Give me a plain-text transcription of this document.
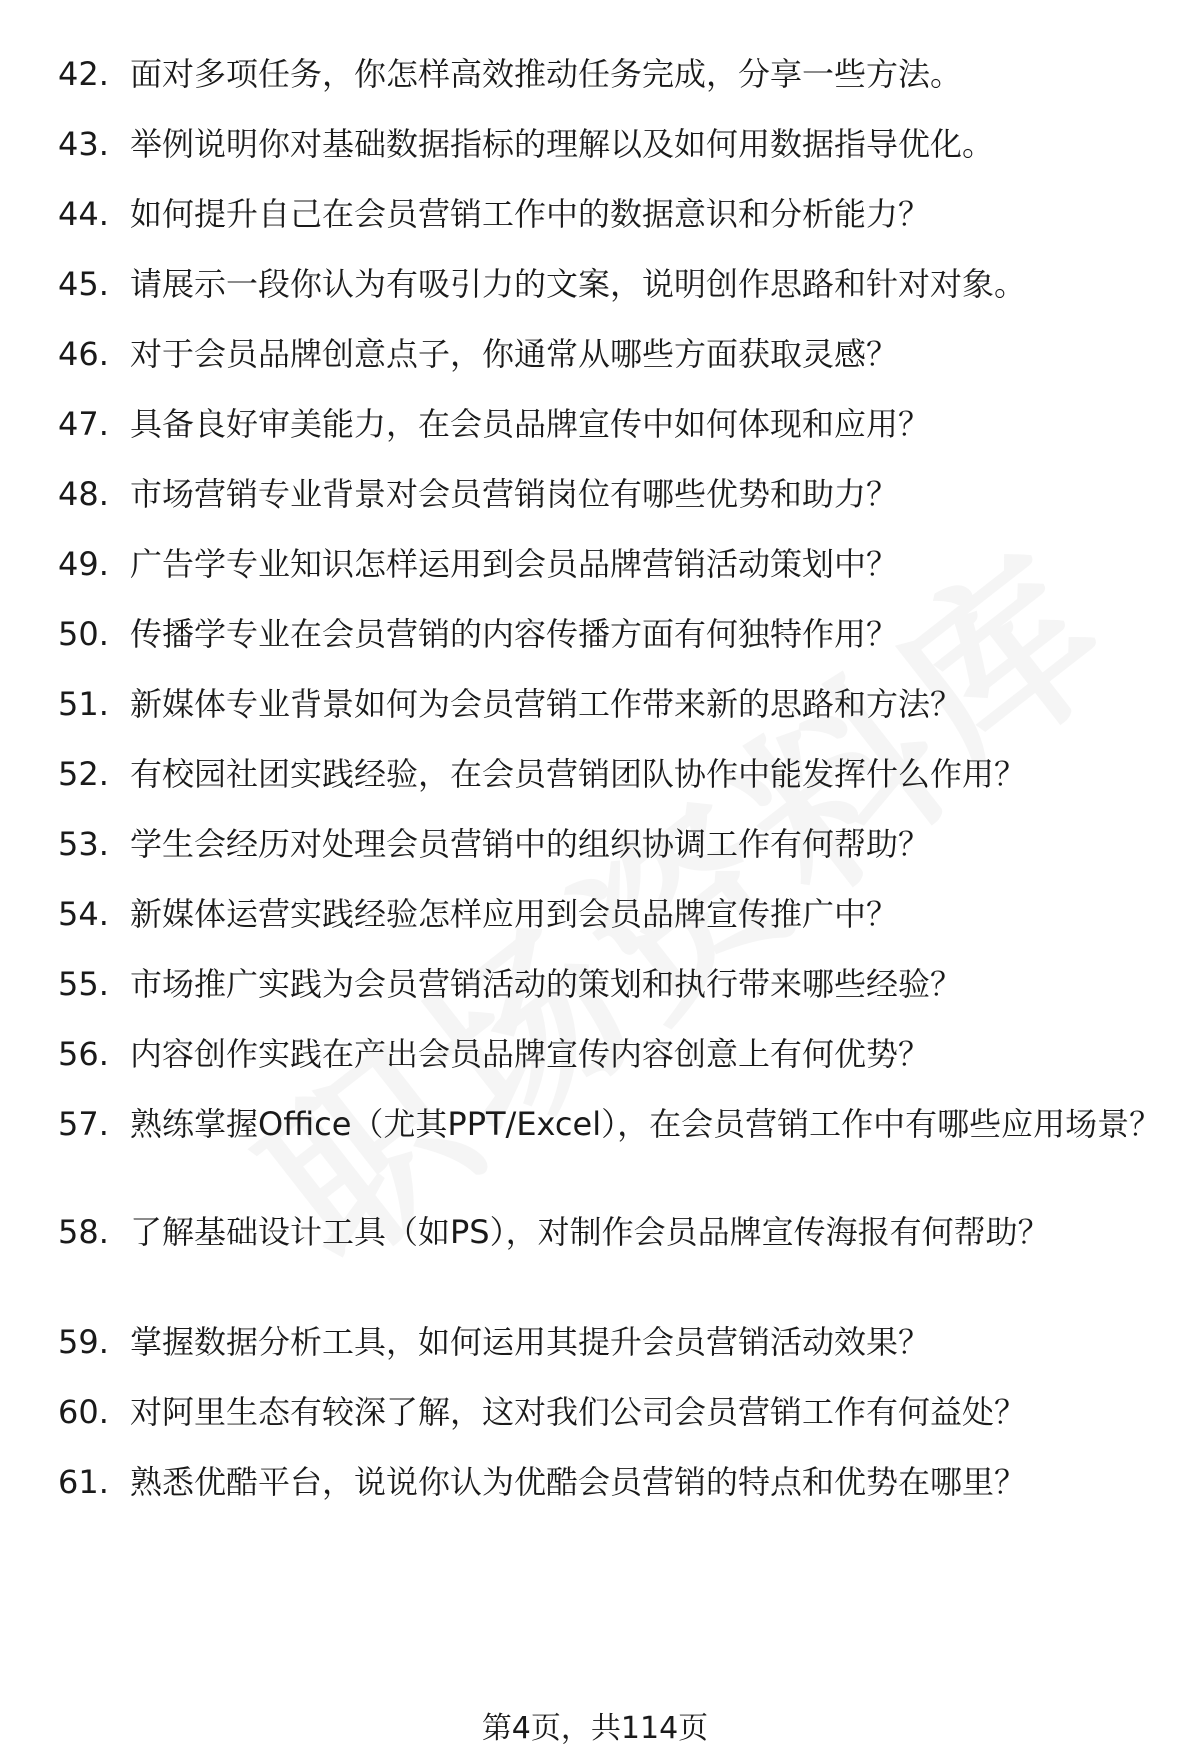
42. 面对多项任务，你怎样高效推动任务完成，分享一些方法。
43. 举例说明你对基础数据指标的理解以及如何用数据指导优化。
44. 如何提升自己在会员营销工作中的数据意识和分析能力？
45. 请展示一段你认为有吸引力的文案，说明创作思路和针对对象。
46. 对于会员品牌创意点子，你通常从哪些方面获取灵感？
47. 具备良好审美能力，在会员品牌宣传中如何体现和应用？
48. 市场营销专业背景对会员营销岗位有哪些优势和助力？
49. 广告学专业知识怎样运用到会员品牌营销活动策划中？
50. 传播学专业在会员营销的内容传播方面有何独特作用？
51. 新媒体专业背景如何为会员营销工作带来新的思路和方法？
52. 有校园社团实践经验，在会员营销团队协作中能发挥什么作用？
53. 学生会经历对处理会员营销中的组织协调工作有何帮助？
54. 新媒体运营实践经验怎样应用到会员品牌宣传推广中？
55. 市场推广实践为会员营销活动的策划和执行带来哪些经验？
56. 内容创作实践在产出会员品牌宣传内容创意上有何优势？
57. 熟练掌握Office（尤其PPT/Excel），在会员营销工作中有哪些应用场景？
58. 了解基础设计工具（如PS），对制作会员品牌宣传海报有何帮助？
59. 掌握数据分析工具，如何运用其提升会员营销活动效果？
60. 对阿里生态有较深了解，这对我们公司会员营销工作有何益处？
61. 熟悉优酷平台，说说你认为优酷会员营销的特点和优势在哪里？
第4页，共114页
